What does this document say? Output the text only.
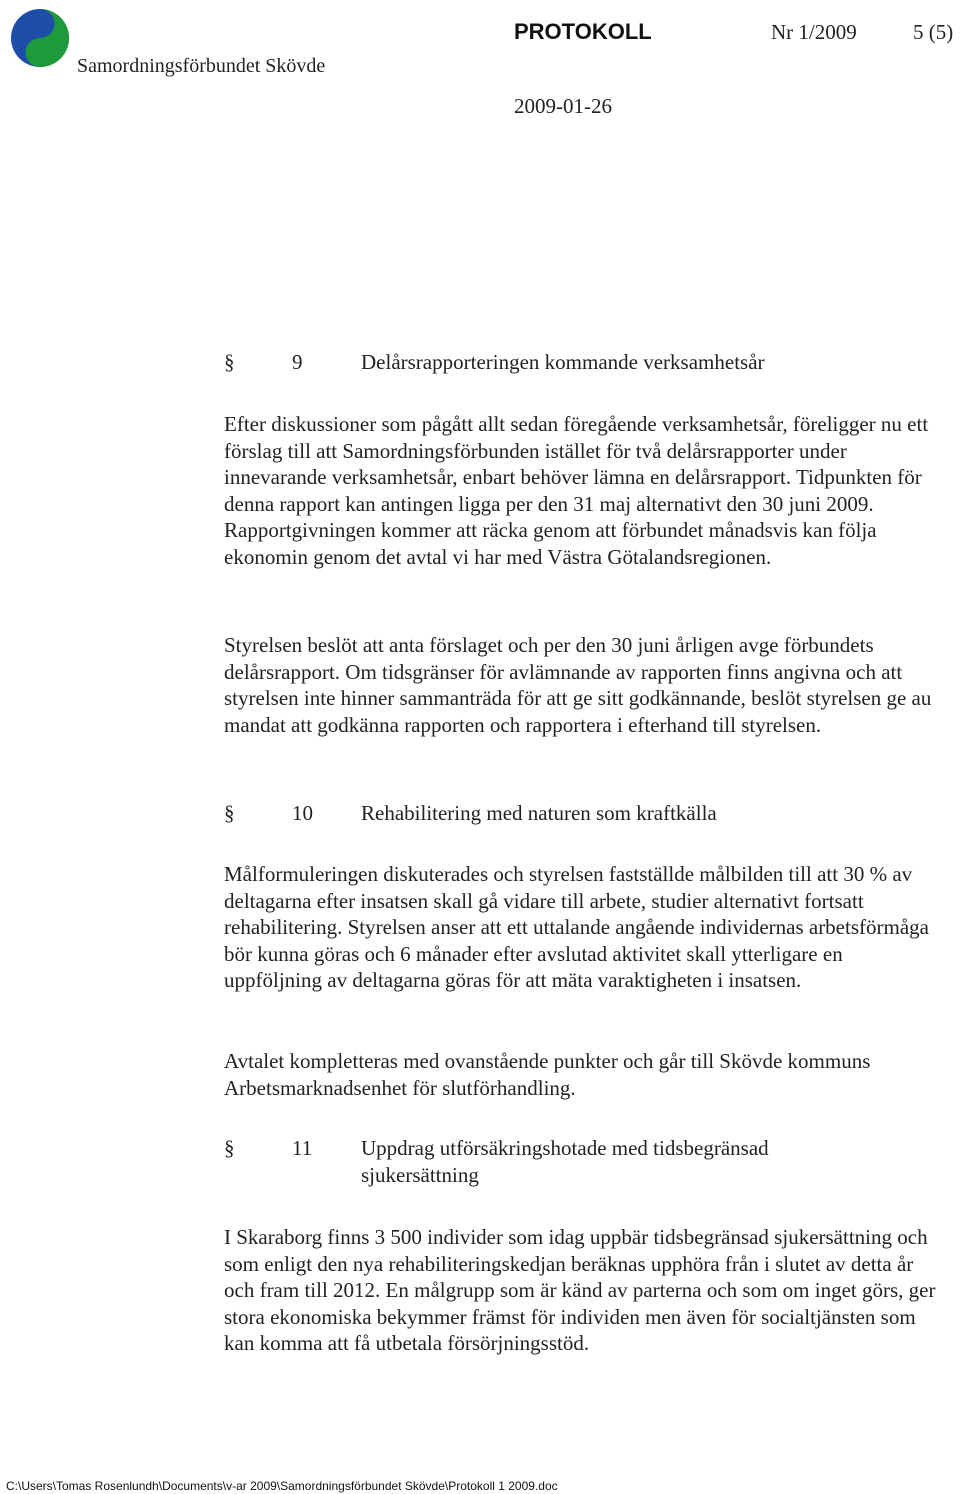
Samordningsförbundet Skövde
PROTOKOLL	Nr 1/2009	5 (5)
2009-01-26
§	9	Delårsrapporteringen kommande verksamhetsår

Efter diskussioner som pågått allt sedan föregående verksamhetsår, föreligger nu ett förslag till att Samordningsförbunden istället för två delårsrapporter under innevarande verksamhetsår, enbart behöver lämna en delårsrapport. Tidpunkten för denna rapport kan antingen ligga per den 31 maj alternativt den 30 juni 2009. Rapportgivningen kommer att räcka genom att förbundet månadsvis kan följa ekonomin genom det avtal vi har med Västra Götalandsregionen.

Styrelsen beslöt att anta förslaget och per den 30 juni årligen avge förbundets delårsrapport. Om tidsgränser för avlämnande av rapporten finns angivna och att styrelsen inte hinner sammanträda för att ge sitt godkännande, beslöt styrelsen ge au mandat att godkänna rapporten och rapportera i efterhand till styrelsen.

§	10	Rehabilitering med naturen som kraftkälla

Målformuleringen diskuterades och styrelsen fastställde målbilden till att 30 % av deltagarna efter insatsen skall gå vidare till arbete, studier alternativt fortsatt rehabilitering. Styrelsen anser att ett uttalande angående individernas arbetsförmåga bör kunna göras och 6 månader efter avslutad aktivitet skall ytterligare en uppföljning av deltagarna göras för att mäta varaktigheten i insatsen.

Avtalet kompletteras med ovanstående punkter och går till Skövde kommuns Arbetsmarknadsenhet för slutförhandling.

§	11	Uppdrag utförsäkringshotade med tidsbegränsad sjukersättning

I Skaraborg finns 3 500 individer som idag uppbär tidsbegränsad sjukersättning och som enligt den nya rehabiliteringskedjan beräknas upphöra från i slutet av detta år och fram till 2012. En målgrupp som är känd av parterna och som om inget görs, ger stora ekonomiska bekymmer främst för individen men även för socialtjänsten som kan komma att få utbetala försörjningsstöd.

C:\Users\Tomas Rosenlundh\Documents\v-ar 2009\Samordningsförbundet Skövde\Protokoll 1 2009.doc
